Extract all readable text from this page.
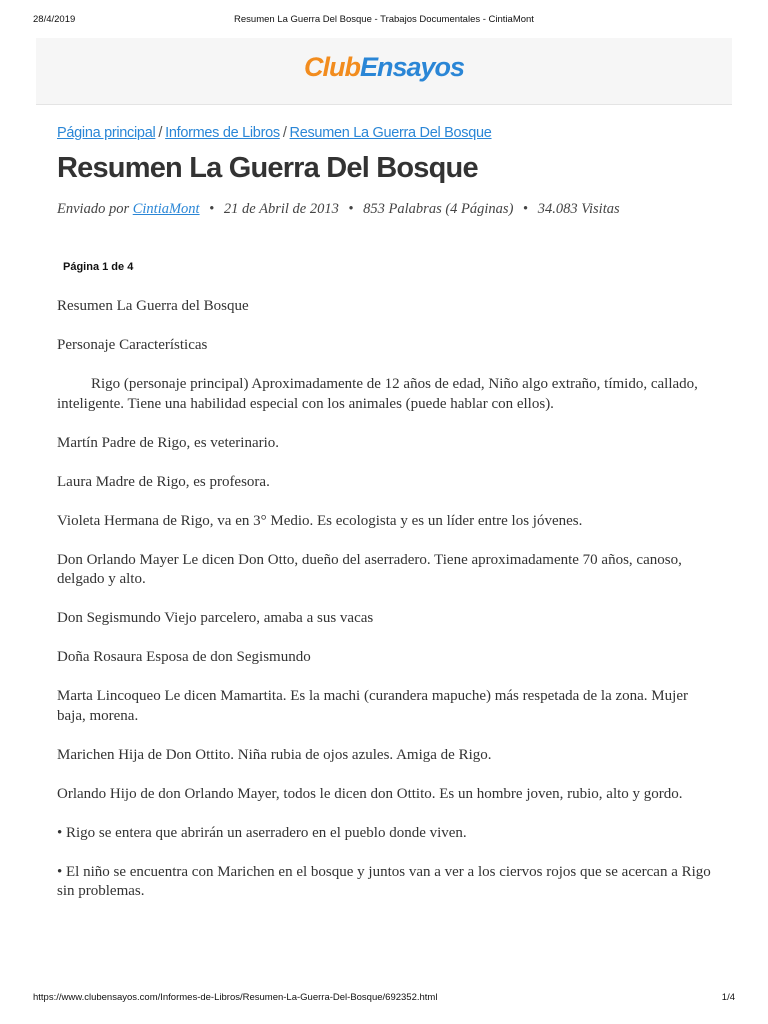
28/4/2019	Resumen La Guerra Del Bosque - Trabajos Documentales - CintiaMont
ClubEnsayos
Página principal / Informes de Libros / Resumen La Guerra Del Bosque
Resumen La Guerra Del Bosque
Enviado por CintiaMont • 21 de Abril de 2013 • 853 Palabras (4 Páginas) • 34.083 Visitas
Página 1 de 4

Resumen La Guerra del Bosque

Personaje Características

Rigo (personaje principal) Aproximadamente de 12 años de edad, Niño algo extraño, tímido, callado, inteligente. Tiene una habilidad especial con los animales (puede hablar con ellos).

Martín Padre de Rigo, es veterinario.

Laura Madre de Rigo, es profesora.

Violeta Hermana de Rigo, va en 3° Medio. Es ecologista y es un líder entre los jóvenes.

Don Orlando Mayer Le dicen Don Otto, dueño del aserradero. Tiene aproximadamente 70 años, canoso, delgado y alto.

Don Segismundo Viejo parcelero, amaba a sus vacas

Doña Rosaura Esposa de don Segismundo

Marta Lincoqueo Le dicen Mamartita. Es la machi (curandera mapuche) más respetada de la zona. Mujer baja, morena.

Marichen Hija de Don Ottito. Niña rubia de ojos azules. Amiga de Rigo.

Orlando Hijo de don Orlando Mayer, todos le dicen don Ottito. Es un hombre joven, rubio, alto y gordo.

• Rigo se entera que abrirán un aserradero en el pueblo donde viven.

• El niño se encuentra con Marichen en el bosque y juntos van a ver a los ciervos rojos que se acercan a Rigo sin problemas.

https://www.clubensayos.com/Informes-de-Libros/Resumen-La-Guerra-Del-Bosque/692352.html	1/4
